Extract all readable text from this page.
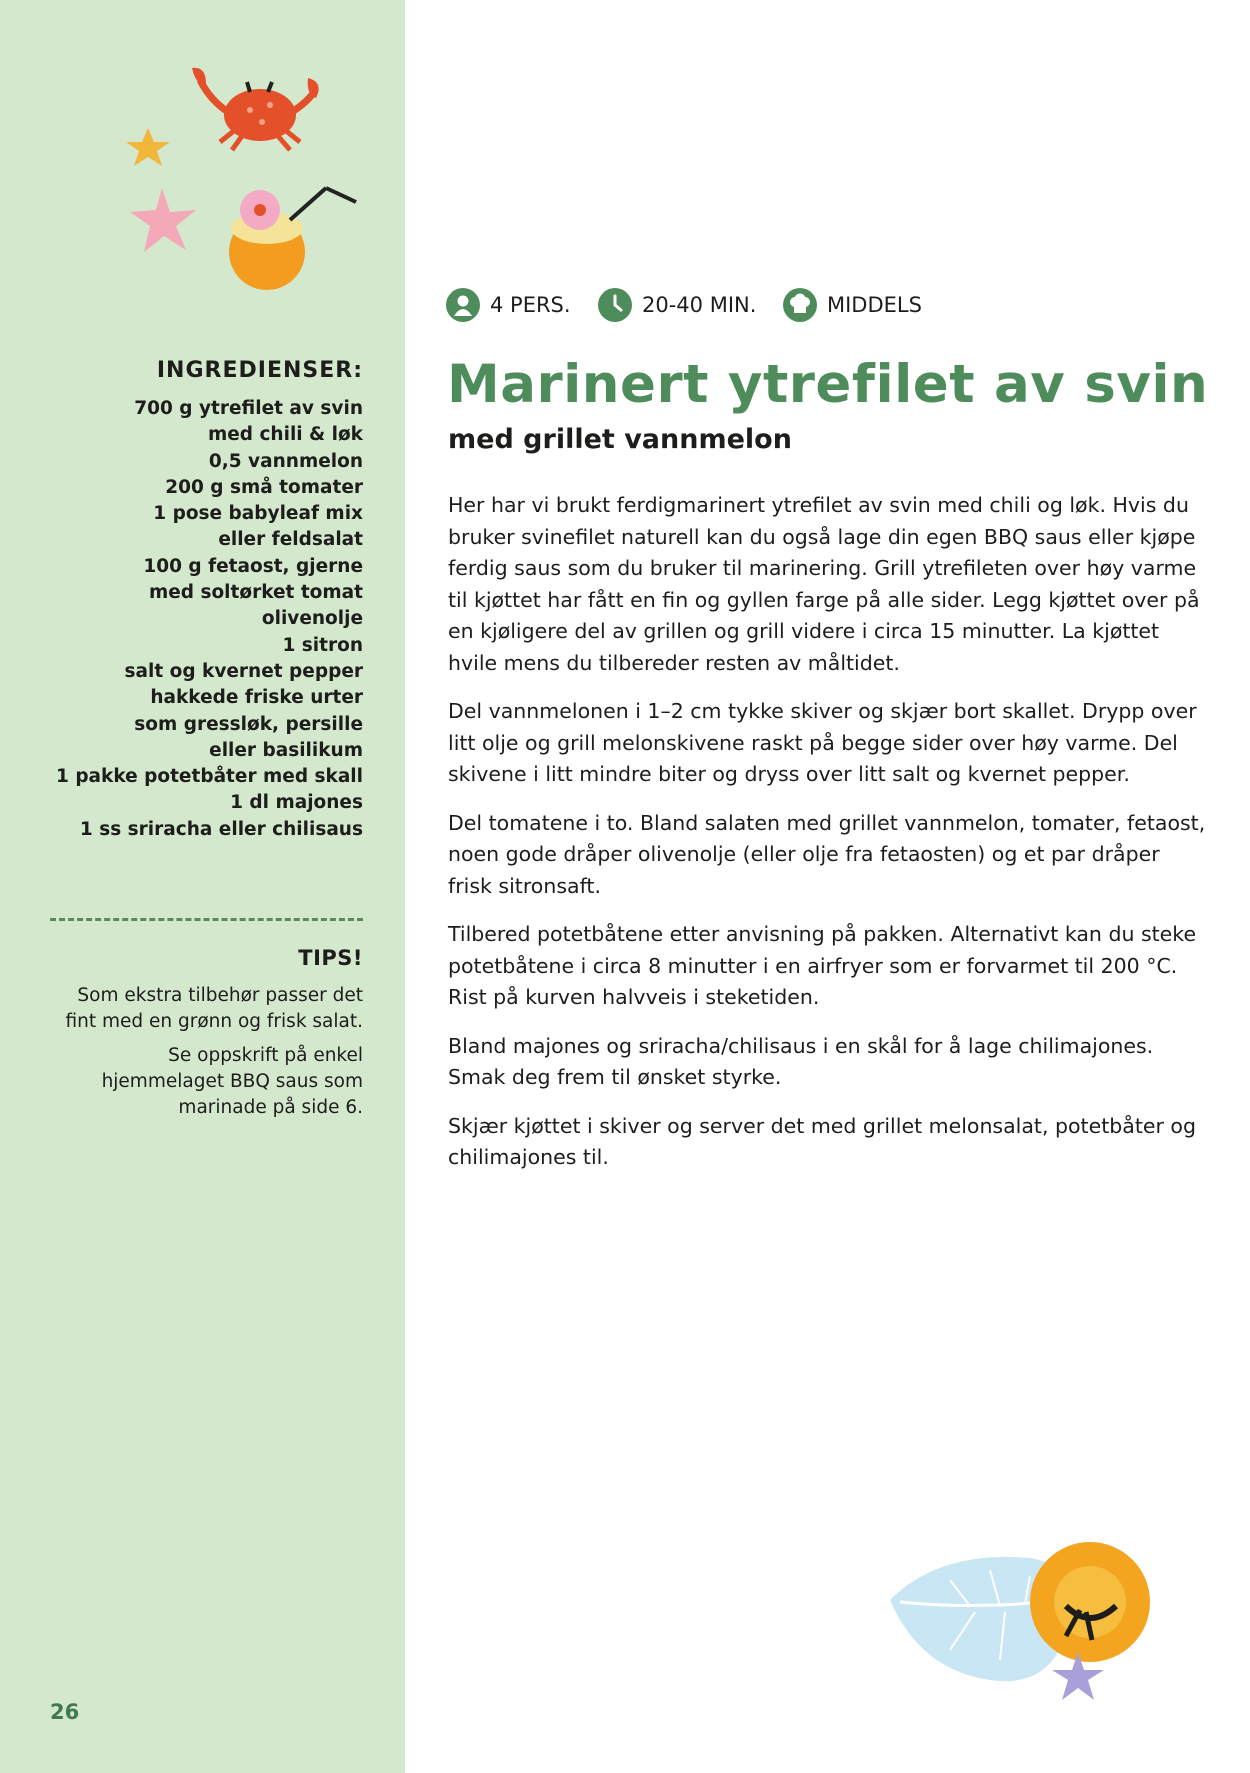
INGREDIENSER:
700 g ytrefilet av svin
med chili & løk
0,5 vannmelon
200 g små tomater
1 pose babyleaf mix
eller feldsalat
100 g fetaost, gjerne
med soltørket tomat
olivenolje
1 sitron
salt og kvernet pepper
hakkede friske urter
som gressløk, persille
eller basilikum
1 pakke potetbåter med skall
1 dl majones
1 ss sriracha eller chilisaus
TIPS!

Som ekstra tilbehør passer det fint med en grønn og frisk salat.

Se oppskrift på enkel hjemmelaget BBQ saus som marinade på side 6.

26
4 PERS.	20-40 MIN.	MIDDELS
Marinert ytrefilet av svin
med grillet vannmelon

Her har vi brukt ferdigmarinert ytrefilet av svin med chili og løk. Hvis du bruker svinefilet naturell kan du også lage din egen BBQ saus eller kjøpe ferdig saus som du bruker til marinering. Grill ytrefileten over høy varme til kjøttet har fått en fin og gyllen farge på alle sider. Legg kjøttet over på en kjøligere del av grillen og grill videre i circa 15 minutter. La kjøttet hvile mens du tilbereder resten av måltidet.

Del vannmelonen i 1–2 cm tykke skiver og skjær bort skallet. Drypp over litt olje og grill melonskivene raskt på begge sider over høy varme. Del skivene i litt mindre biter og dryss over litt salt og kvernet pepper.

Del tomatene i to. Bland salaten med grillet vannmelon, tomater, fetaost, noen gode dråper olivenolje (eller olje fra fetaosten) og et par dråper frisk sitronsaft.

Tilbered potetbåtene etter anvisning på pakken. Alternativt kan du steke potetbåtene i circa 8 minutter i en airfryer som er forvarmet til 200 °C. Rist på kurven halvveis i steketiden.

Bland majones og sriracha/chilisaus i en skål for å lage chilimajones. Smak deg frem til ønsket styrke.

Skjær kjøttet i skiver og server det med grillet melonsalat, potetbåter og chilimajones til.
